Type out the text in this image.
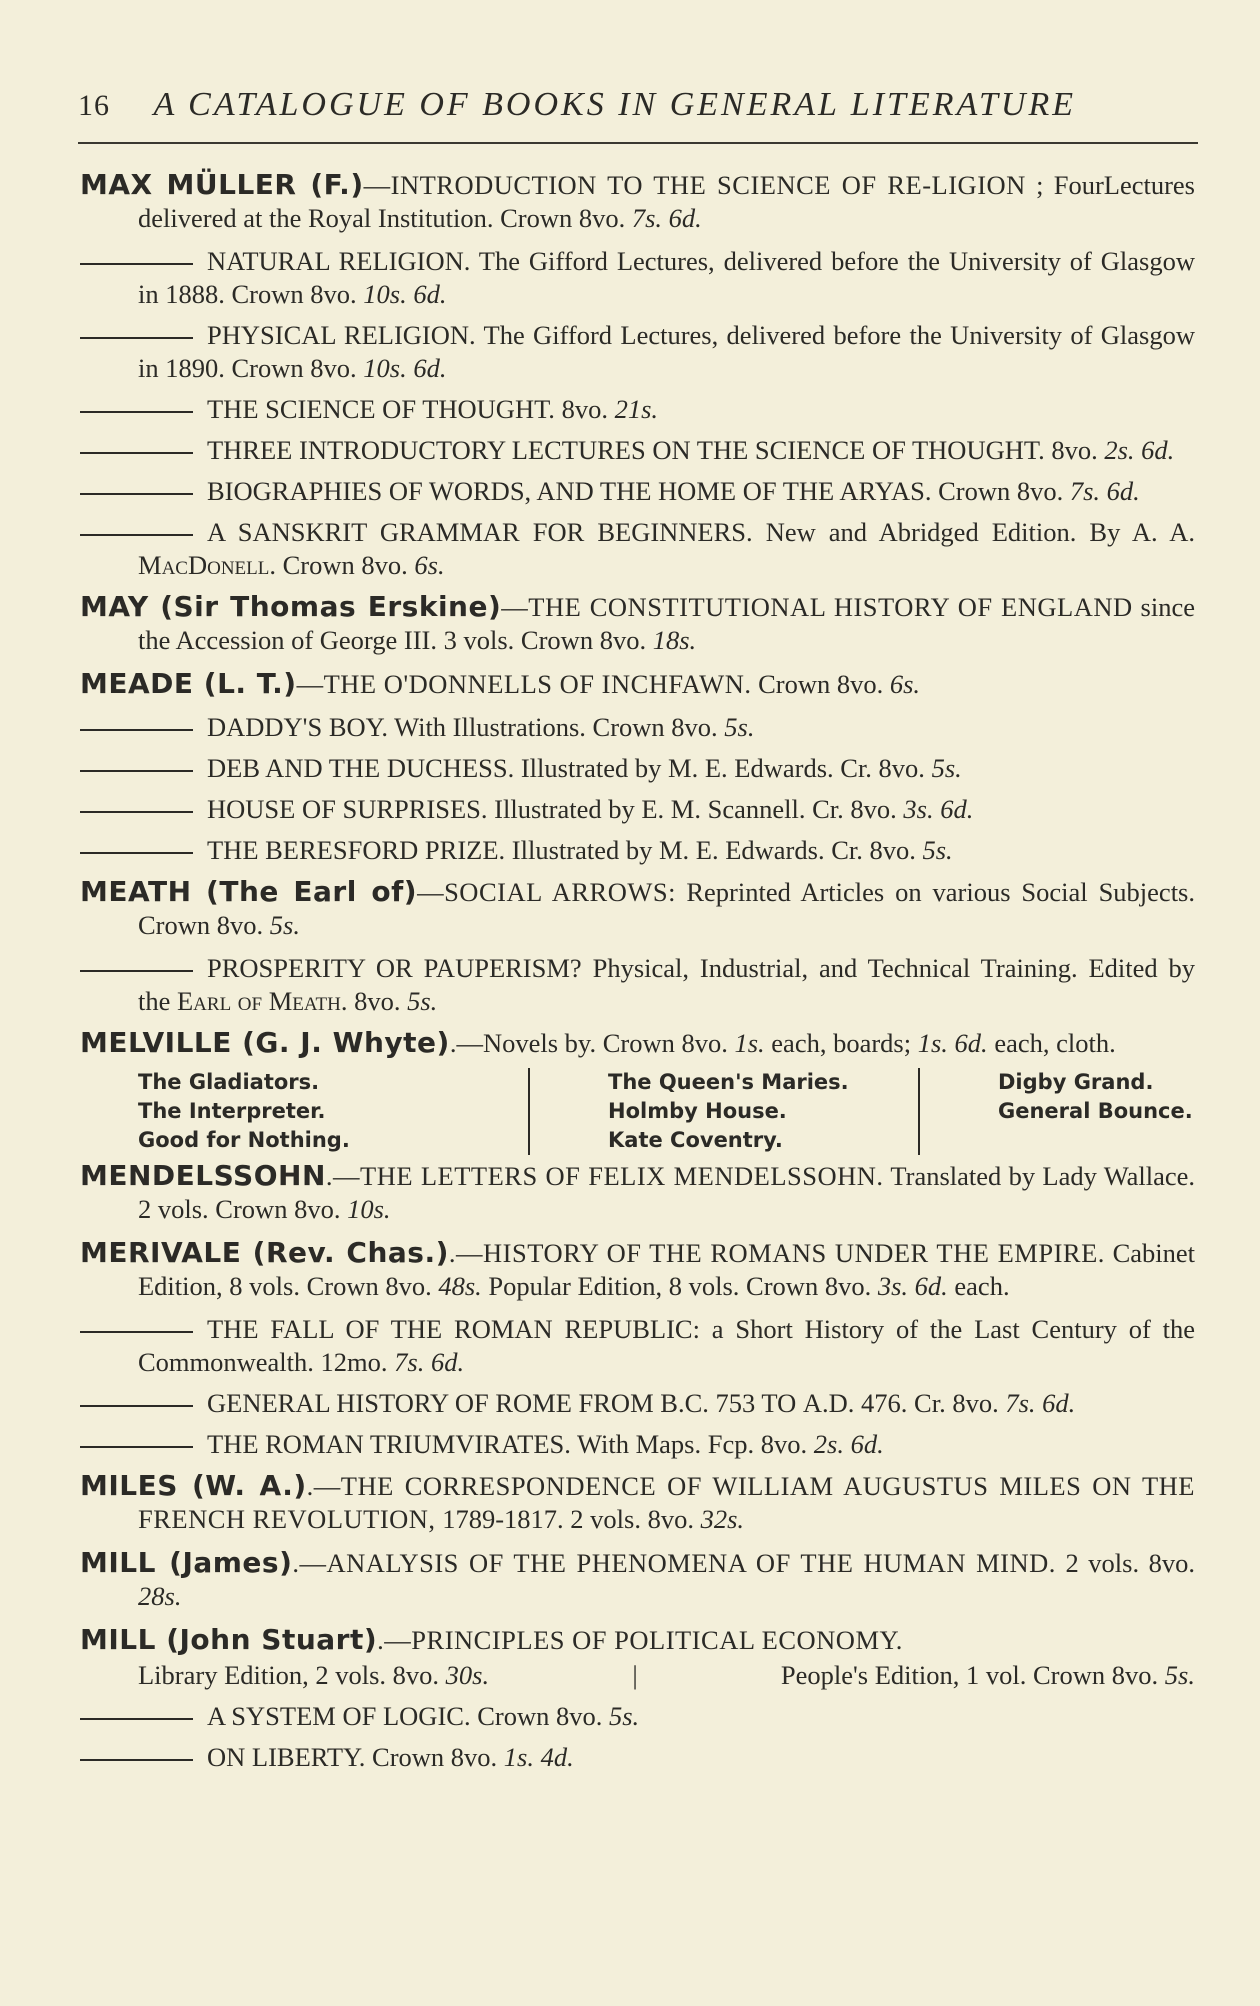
16 A CATALOGUE OF BOOKS IN GENERAL LITERATURE

MAX MÜLLER (F.)—INTRODUCTION TO THE SCIENCE OF RE-LIGION ; FourLectures delivered at the Royal Institution. Crown 8vo. 7s. 6d.

NATURAL RELIGION. The Gifford Lectures, delivered before the University of Glasgow in 1888. Crown 8vo. 10s. 6d.

PHYSICAL RELIGION. The Gifford Lectures, delivered before the University of Glasgow in 1890. Crown 8vo. 10s. 6d.

THE SCIENCE OF THOUGHT. 8vo. 21s.

THREE INTRODUCTORY LECTURES ON THE SCIENCE OF THOUGHT. 8vo. 2s. 6d.

BIOGRAPHIES OF WORDS, AND THE HOME OF THE ARYAS. Crown 8vo. 7s. 6d.

A SANSKRIT GRAMMAR FOR BEGINNERS. New and Abridged Edition. By A. A. MacDonell. Crown 8vo. 6s.

MAY (Sir Thomas Erskine)—THE CONSTITUTIONAL HISTORY OF ENGLAND since the Accession of George III. 3 vols. Crown 8vo. 18s.

MEADE (L. T.)—THE O'DONNELLS OF INCHFAWN. Crown 8vo. 6s.

DADDY'S BOY. With Illustrations. Crown 8vo. 5s.

DEB AND THE DUCHESS. Illustrated by M. E. Edwards. Cr. 8vo. 5s.

HOUSE OF SURPRISES. Illustrated by E. M. Scannell. Cr. 8vo. 3s. 6d.

THE BERESFORD PRIZE. Illustrated by M. E. Edwards. Cr. 8vo. 5s.

MEATH (The Earl of)—SOCIAL ARROWS: Reprinted Articles on various Social Subjects. Crown 8vo. 5s.

PROSPERITY OR PAUPERISM? Physical, Industrial, and Technical Training. Edited by the Earl of Meath. 8vo. 5s.

MELVILLE (G. J. Whyte).—Novels by. Crown 8vo. 1s. each, boards; 1s. 6d. each, cloth.

The Gladiators.
The Interpreter.
Good for Nothing.
The Queen's Maries.
Holmby House.
Kate Coventry.
Digby Grand.
General Bounce.

MENDELSSOHN.—THE LETTERS OF FELIX MENDELSSOHN. Translated by Lady Wallace. 2 vols. Crown 8vo. 10s.

MERIVALE (Rev. Chas.).—HISTORY OF THE ROMANS UNDER THE EMPIRE. Cabinet Edition, 8 vols. Crown 8vo. 48s. Popular Edition, 8 vols. Crown 8vo. 3s. 6d. each.

THE FALL OF THE ROMAN REPUBLIC: a Short History of the Last Century of the Commonwealth. 12mo. 7s. 6d.

GENERAL HISTORY OF ROME FROM B.C. 753 TO A.D. 476. Cr. 8vo. 7s. 6d.

THE ROMAN TRIUMVIRATES. With Maps. Fcp. 8vo. 2s. 6d.

MILES (W. A.).—THE CORRESPONDENCE OF WILLIAM AUGUSTUS MILES ON THE FRENCH REVOLUTION, 1789-1817. 2 vols. 8vo. 32s.

MILL (James).—ANALYSIS OF THE PHENOMENA OF THE HUMAN MIND. 2 vols. 8vo. 28s.

MILL (John Stuart).—PRINCIPLES OF POLITICAL ECONOMY.

Library Edition, 2 vols. 8vo. 30s.	|	People's Edition, 1 vol. Crown 8vo. 5s.

A SYSTEM OF LOGIC. Crown 8vo. 5s.

ON LIBERTY. Crown 8vo. 1s. 4d.
